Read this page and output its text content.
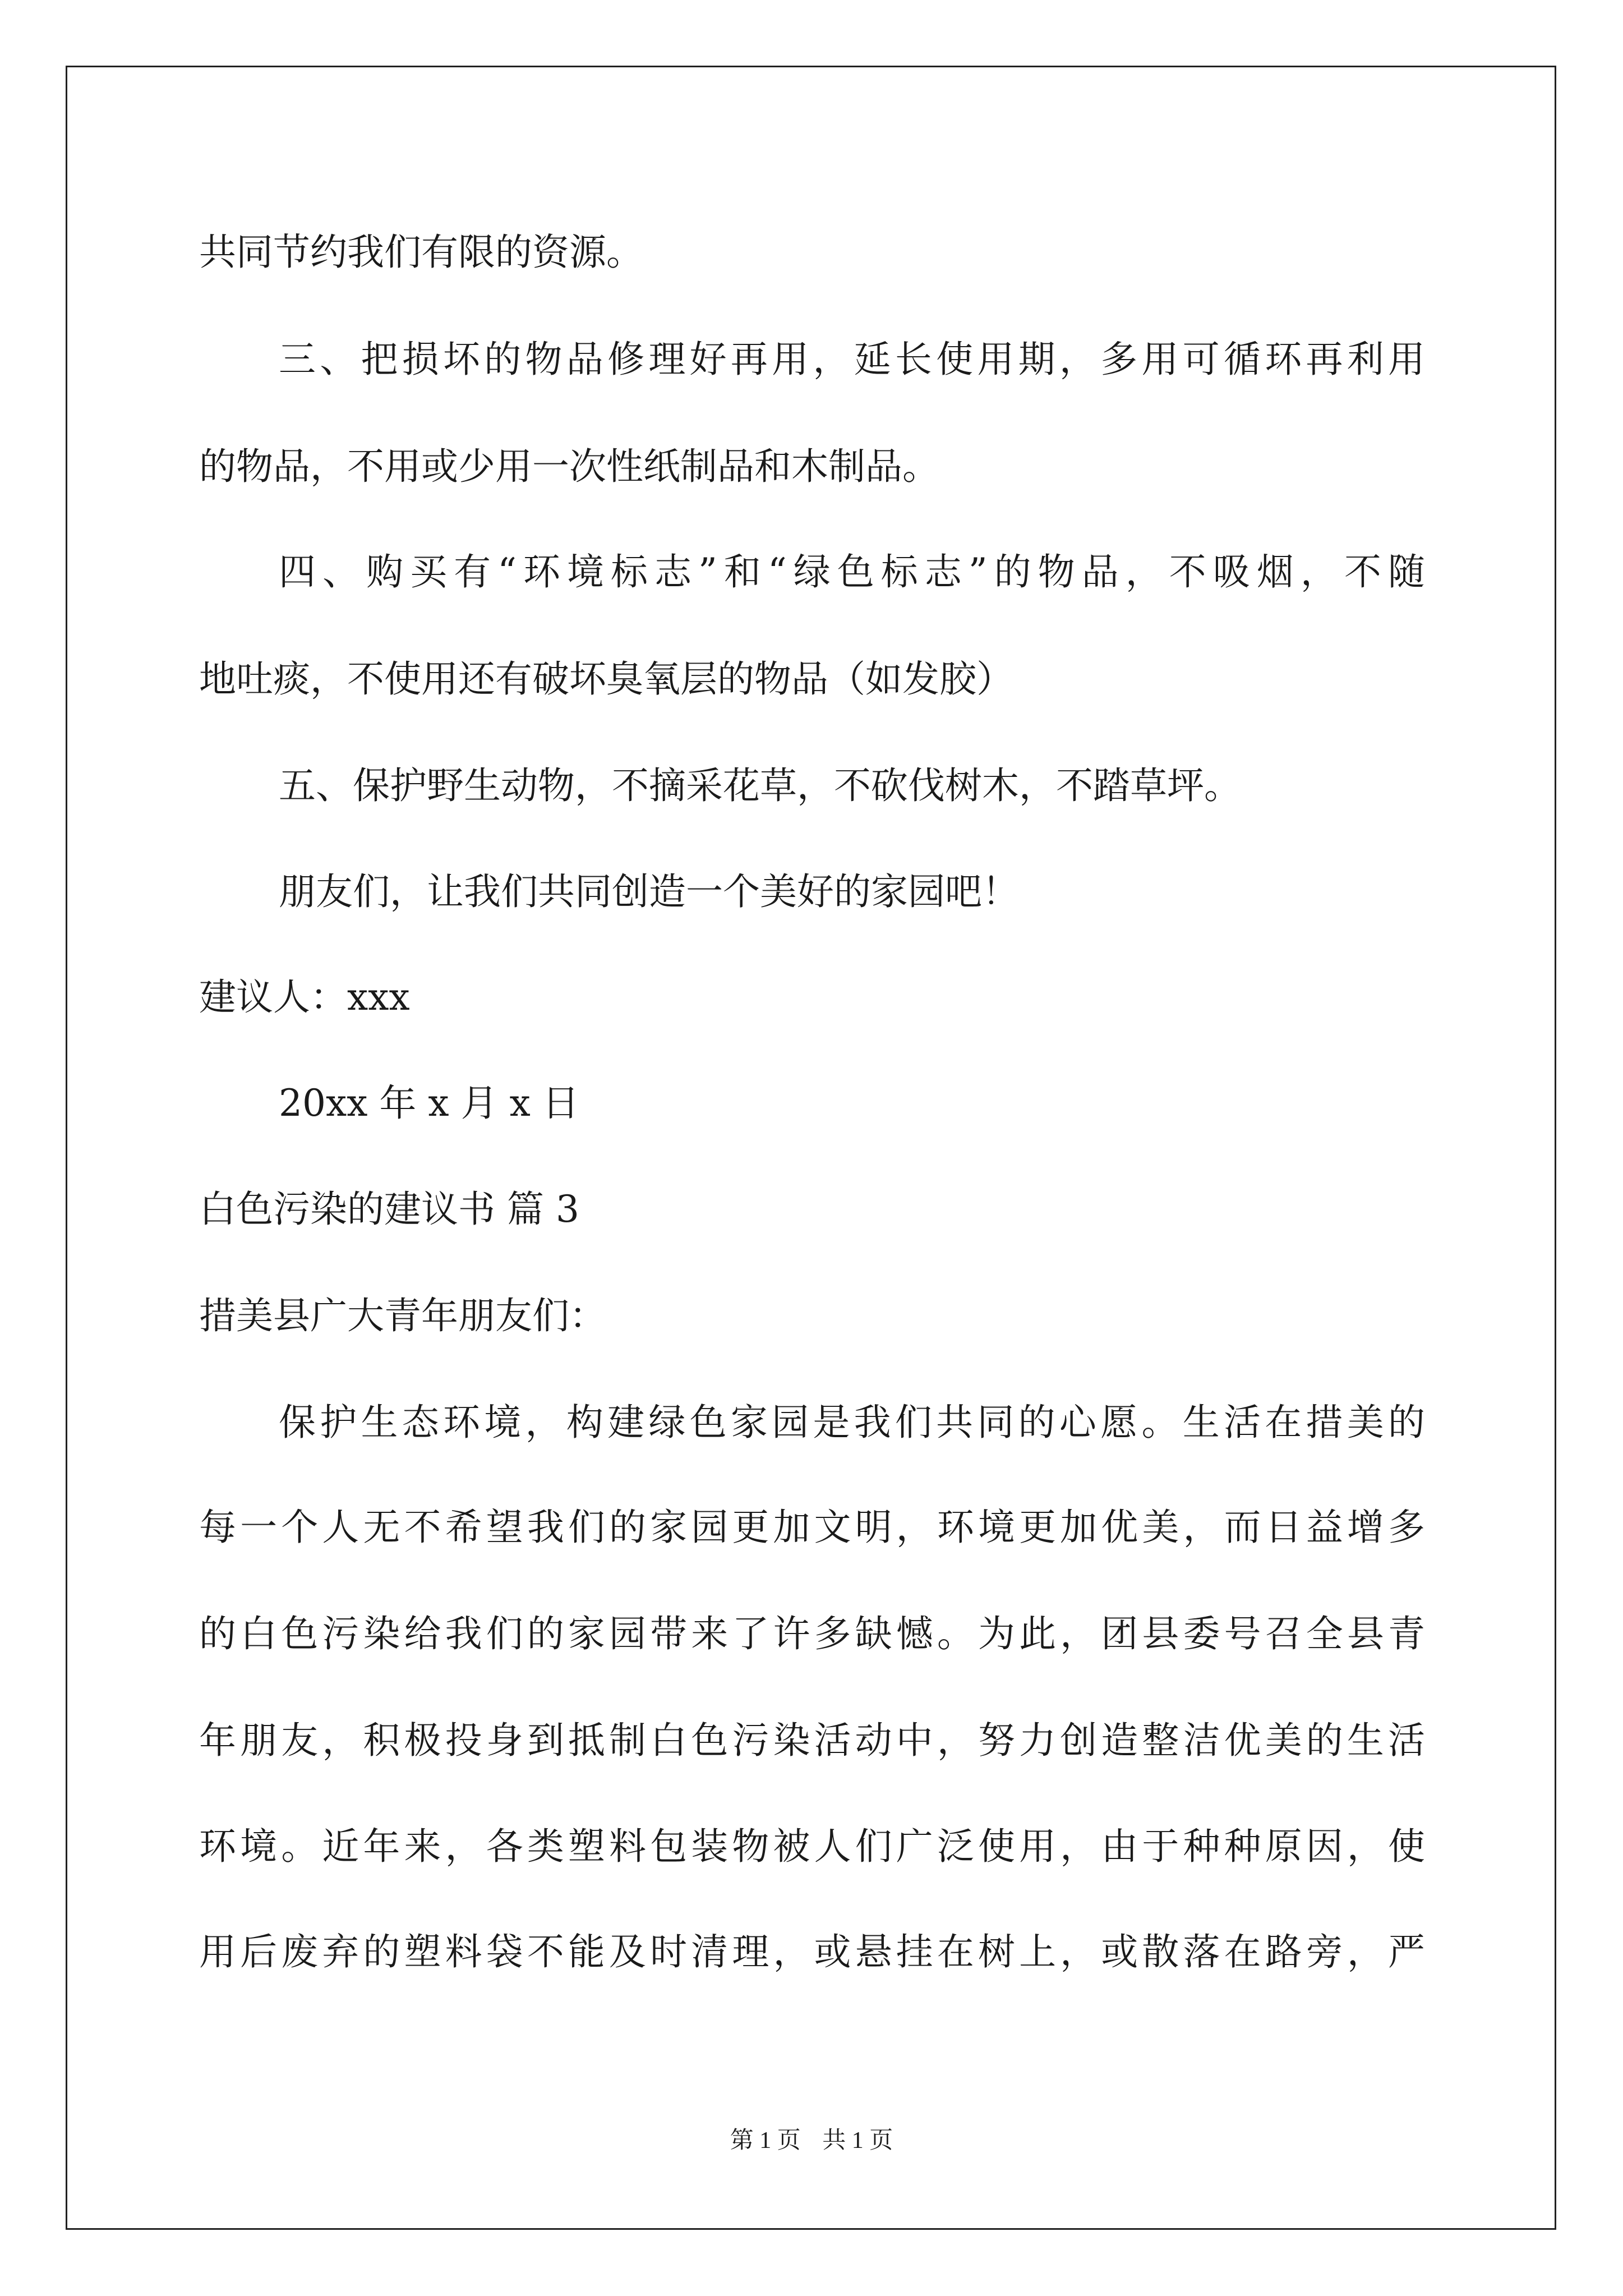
共同节约我们有限的资源。
三、把损坏的物品修理好再用，延长使用期，多用可循环再利用
的物品，不用或少用一次性纸制品和木制品。
四、购买有“环境标志”和“绿色标志”的物品，不吸烟，不随
地吐痰，不使用还有破坏臭氧层的物品（如发胶）
五、保护野生动物，不摘采花草，不砍伐树木，不踏草坪。
朋友们，让我们共同创造一个美好的家园吧！
建议人：xxx
20xx 年 x 月 x 日
白色污染的建议书 篇 3
措美县广大青年朋友们：
保护生态环境，构建绿色家园是我们共同的心愿。生活在措美的
每一个人无不希望我们的家园更加文明，环境更加优美，而日益增多
的白色污染给我们的家园带来了许多缺憾。为此，团县委号召全县青
年朋友，积极投身到抵制白色污染活动中，努力创造整洁优美的生活
环境。近年来，各类塑料包装物被人们广泛使用，由于种种原因，使
用后废弃的塑料袋不能及时清理，或悬挂在树上，或散落在路旁，严
第 1 页 共 1 页
